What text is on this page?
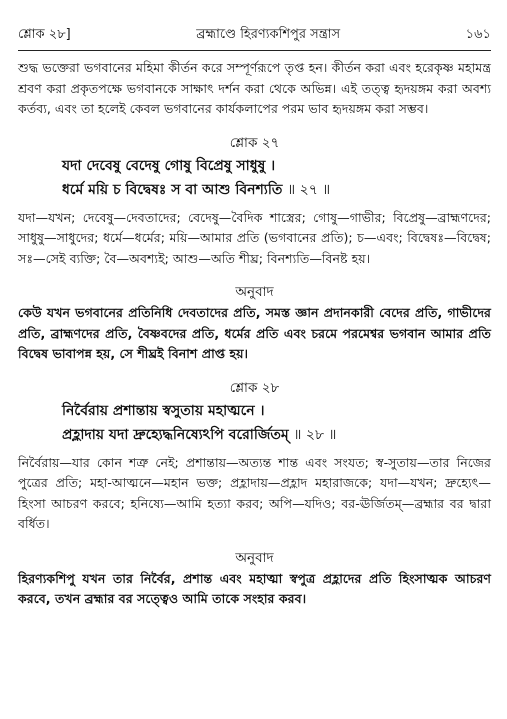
শ্লোক ২৮]	ব্রহ্মাণ্ডে হিরণ্যকশিপুর সন্ত্রাস	১৬১

শুদ্ধ ভক্তেরা ভগবানের মহিমা কীর্তন করে সম্পূর্ণরূপে তৃপ্ত হন। কীর্তন করা এবং হরেকৃষ্ণ মহামন্ত্র শ্রবণ করা প্রকৃতপক্ষে ভগবানকে সাক্ষাৎ দর্শন করা থেকে অভিন্ন। এই তত্ত্ব হৃদয়ঙ্গম করা অবশ্য কর্তব্য, এবং তা হলেই কেবল ভগবানের কার্যকলাপের পরম ভাব হৃদয়ঙ্গম করা সম্ভব।

শ্লোক ২৭
যদা দেবেষু বেদেষু গোষু বিপ্রেষু সাধুষু ।
ধর্মে ময়ি চ বিদ্বেষঃ স বা আশু বিনশ্যতি ॥ ২৭ ॥

যদা—যখন; দেবেষু—দেবতাদের; বেদেষু—বৈদিক শাস্ত্রের; গোষু—গাভীর; বিপ্রেষু—ব্রাহ্মণদের; সাধুষু—সাধুদের; ধর্মে—ধর্মের; ময়ি—আমার প্রতি (ভগবানের প্রতি); চ—এবং; বিদ্বেষঃ—বিদ্বেষ; সঃ—সেই ব্যক্তি; বৈ—অবশ্যই; আশু—অতি শীঘ্র; বিনশ্যতি—বিনষ্ট হয়।

অনুবাদ

কেউ যখন ভগবানের প্রতিনিধি দেবতাদের প্রতি, সমস্ত জ্ঞান প্রদানকারী বেদের প্রতি, গাভীদের প্রতি, ব্রাহ্মণদের প্রতি, বৈষ্ণবদের প্রতি, ধর্মের প্রতি এবং চরমে পরমেশ্বর ভগবান আমার প্রতি বিদ্বেষ ভাবাপন্ন হয়, সে শীঘ্রই বিনাশ প্রাপ্ত হয়।

শ্লোক ২৮
নির্বৈরায় প্রশান্তায় স্বসুতায় মহাত্মনে ।
প্রহ্লাদায় যদা দ্রুহ্যেদ্ধনিষ্যেঽপি বরোর্জিতম্ ॥ ২৮ ॥

নির্বৈরায়—যার কোন শত্রু নেই; প্রশান্তায়—অত্যন্ত শান্ত এবং সংযত; স্ব-সুতায়—তার নিজের পুত্রের প্রতি; মহা-আত্মনে—মহান ভক্ত; প্রহ্লাদায়—প্রহ্লাদ মহারাজকে; যদা—যখন; দ্রুহ্যেৎ—হিংসা আচরণ করবে; হনিষ্যে—আমি হত্যা করব; অপি—যদিও; বর-ঊর্জিতম্—ব্রহ্মার বর দ্বারা বর্ধিত।

অনুবাদ

হিরণ্যকশিপু যখন তার নির্বৈর, প্রশান্ত এবং মহাত্মা স্বপুত্র প্রহ্লাদের প্রতি হিংসাত্মক আচরণ করবে, তখন ব্রহ্মার বর সত্ত্বেও আমি তাকে সংহার করব।
